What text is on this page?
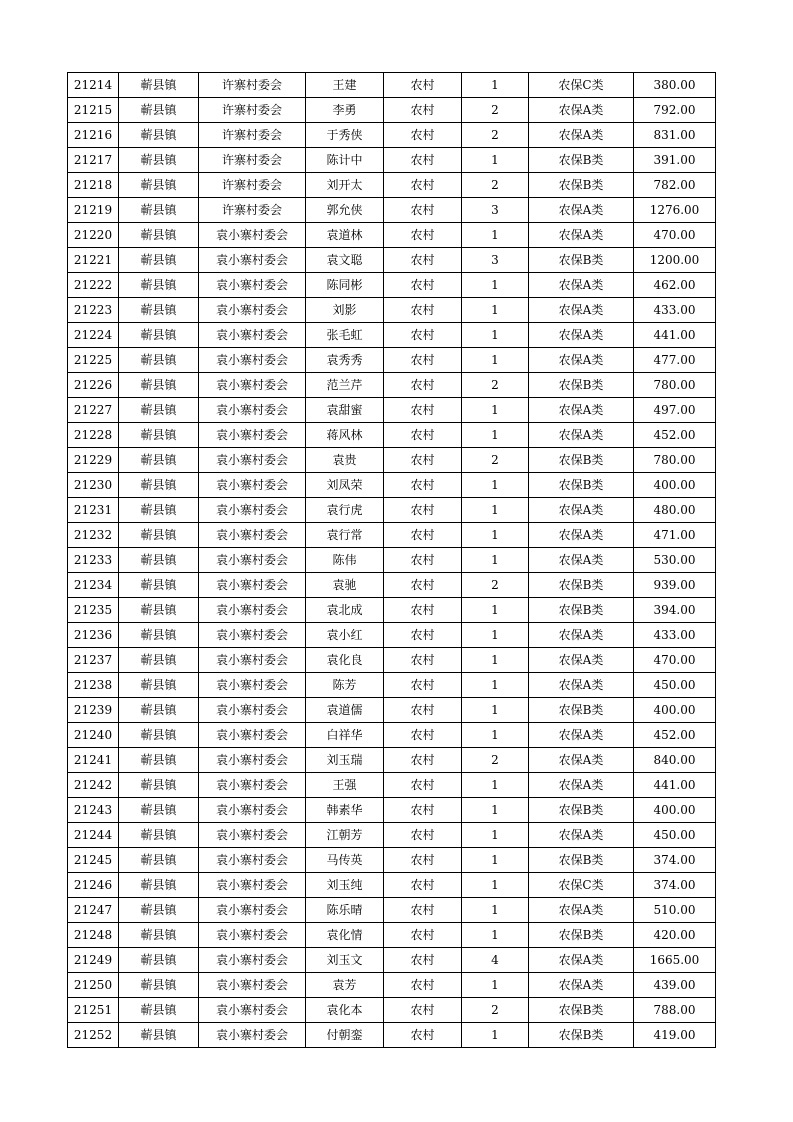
21214	蕲县镇	许寨村委会	王建	农村	1	农保C类	380.00
21215	蕲县镇	许寨村委会	李勇	农村	2	农保A类	792.00
21216	蕲县镇	许寨村委会	于秀侠	农村	2	农保A类	831.00
21217	蕲县镇	许寨村委会	陈计中	农村	1	农保B类	391.00
21218	蕲县镇	许寨村委会	刘开太	农村	2	农保B类	782.00
21219	蕲县镇	许寨村委会	郭允侠	农村	3	农保A类	1276.00
21220	蕲县镇	袁小寨村委会	袁道林	农村	1	农保A类	470.00
21221	蕲县镇	袁小寨村委会	袁文聪	农村	3	农保B类	1200.00
21222	蕲县镇	袁小寨村委会	陈同彬	农村	1	农保A类	462.00
21223	蕲县镇	袁小寨村委会	刘影	农村	1	农保A类	433.00
21224	蕲县镇	袁小寨村委会	张毛虹	农村	1	农保A类	441.00
21225	蕲县镇	袁小寨村委会	袁秀秀	农村	1	农保A类	477.00
21226	蕲县镇	袁小寨村委会	范兰芹	农村	2	农保B类	780.00
21227	蕲县镇	袁小寨村委会	袁甜蜜	农村	1	农保A类	497.00
21228	蕲县镇	袁小寨村委会	蒋风林	农村	1	农保A类	452.00
21229	蕲县镇	袁小寨村委会	袁贵	农村	2	农保B类	780.00
21230	蕲县镇	袁小寨村委会	刘凤荣	农村	1	农保B类	400.00
21231	蕲县镇	袁小寨村委会	袁行虎	农村	1	农保A类	480.00
21232	蕲县镇	袁小寨村委会	袁行常	农村	1	农保A类	471.00
21233	蕲县镇	袁小寨村委会	陈伟	农村	1	农保A类	530.00
21234	蕲县镇	袁小寨村委会	袁驰	农村	2	农保B类	939.00
21235	蕲县镇	袁小寨村委会	袁北成	农村	1	农保B类	394.00
21236	蕲县镇	袁小寨村委会	袁小红	农村	1	农保A类	433.00
21237	蕲县镇	袁小寨村委会	袁化良	农村	1	农保A类	470.00
21238	蕲县镇	袁小寨村委会	陈芳	农村	1	农保A类	450.00
21239	蕲县镇	袁小寨村委会	袁道儒	农村	1	农保B类	400.00
21240	蕲县镇	袁小寨村委会	白祥华	农村	1	农保A类	452.00
21241	蕲县镇	袁小寨村委会	刘玉瑞	农村	2	农保A类	840.00
21242	蕲县镇	袁小寨村委会	王强	农村	1	农保A类	441.00
21243	蕲县镇	袁小寨村委会	韩素华	农村	1	农保B类	400.00
21244	蕲县镇	袁小寨村委会	江朝芳	农村	1	农保A类	450.00
21245	蕲县镇	袁小寨村委会	马传英	农村	1	农保B类	374.00
21246	蕲县镇	袁小寨村委会	刘玉纯	农村	1	农保C类	374.00
21247	蕲县镇	袁小寨村委会	陈乐晴	农村	1	农保A类	510.00
21248	蕲县镇	袁小寨村委会	袁化情	农村	1	农保B类	420.00
21249	蕲县镇	袁小寨村委会	刘玉文	农村	4	农保A类	1665.00
21250	蕲县镇	袁小寨村委会	袁芳	农村	1	农保A类	439.00
21251	蕲县镇	袁小寨村委会	袁化本	农村	2	农保B类	788.00
21252	蕲县镇	袁小寨村委会	付朝銮	农村	1	农保B类	419.00
